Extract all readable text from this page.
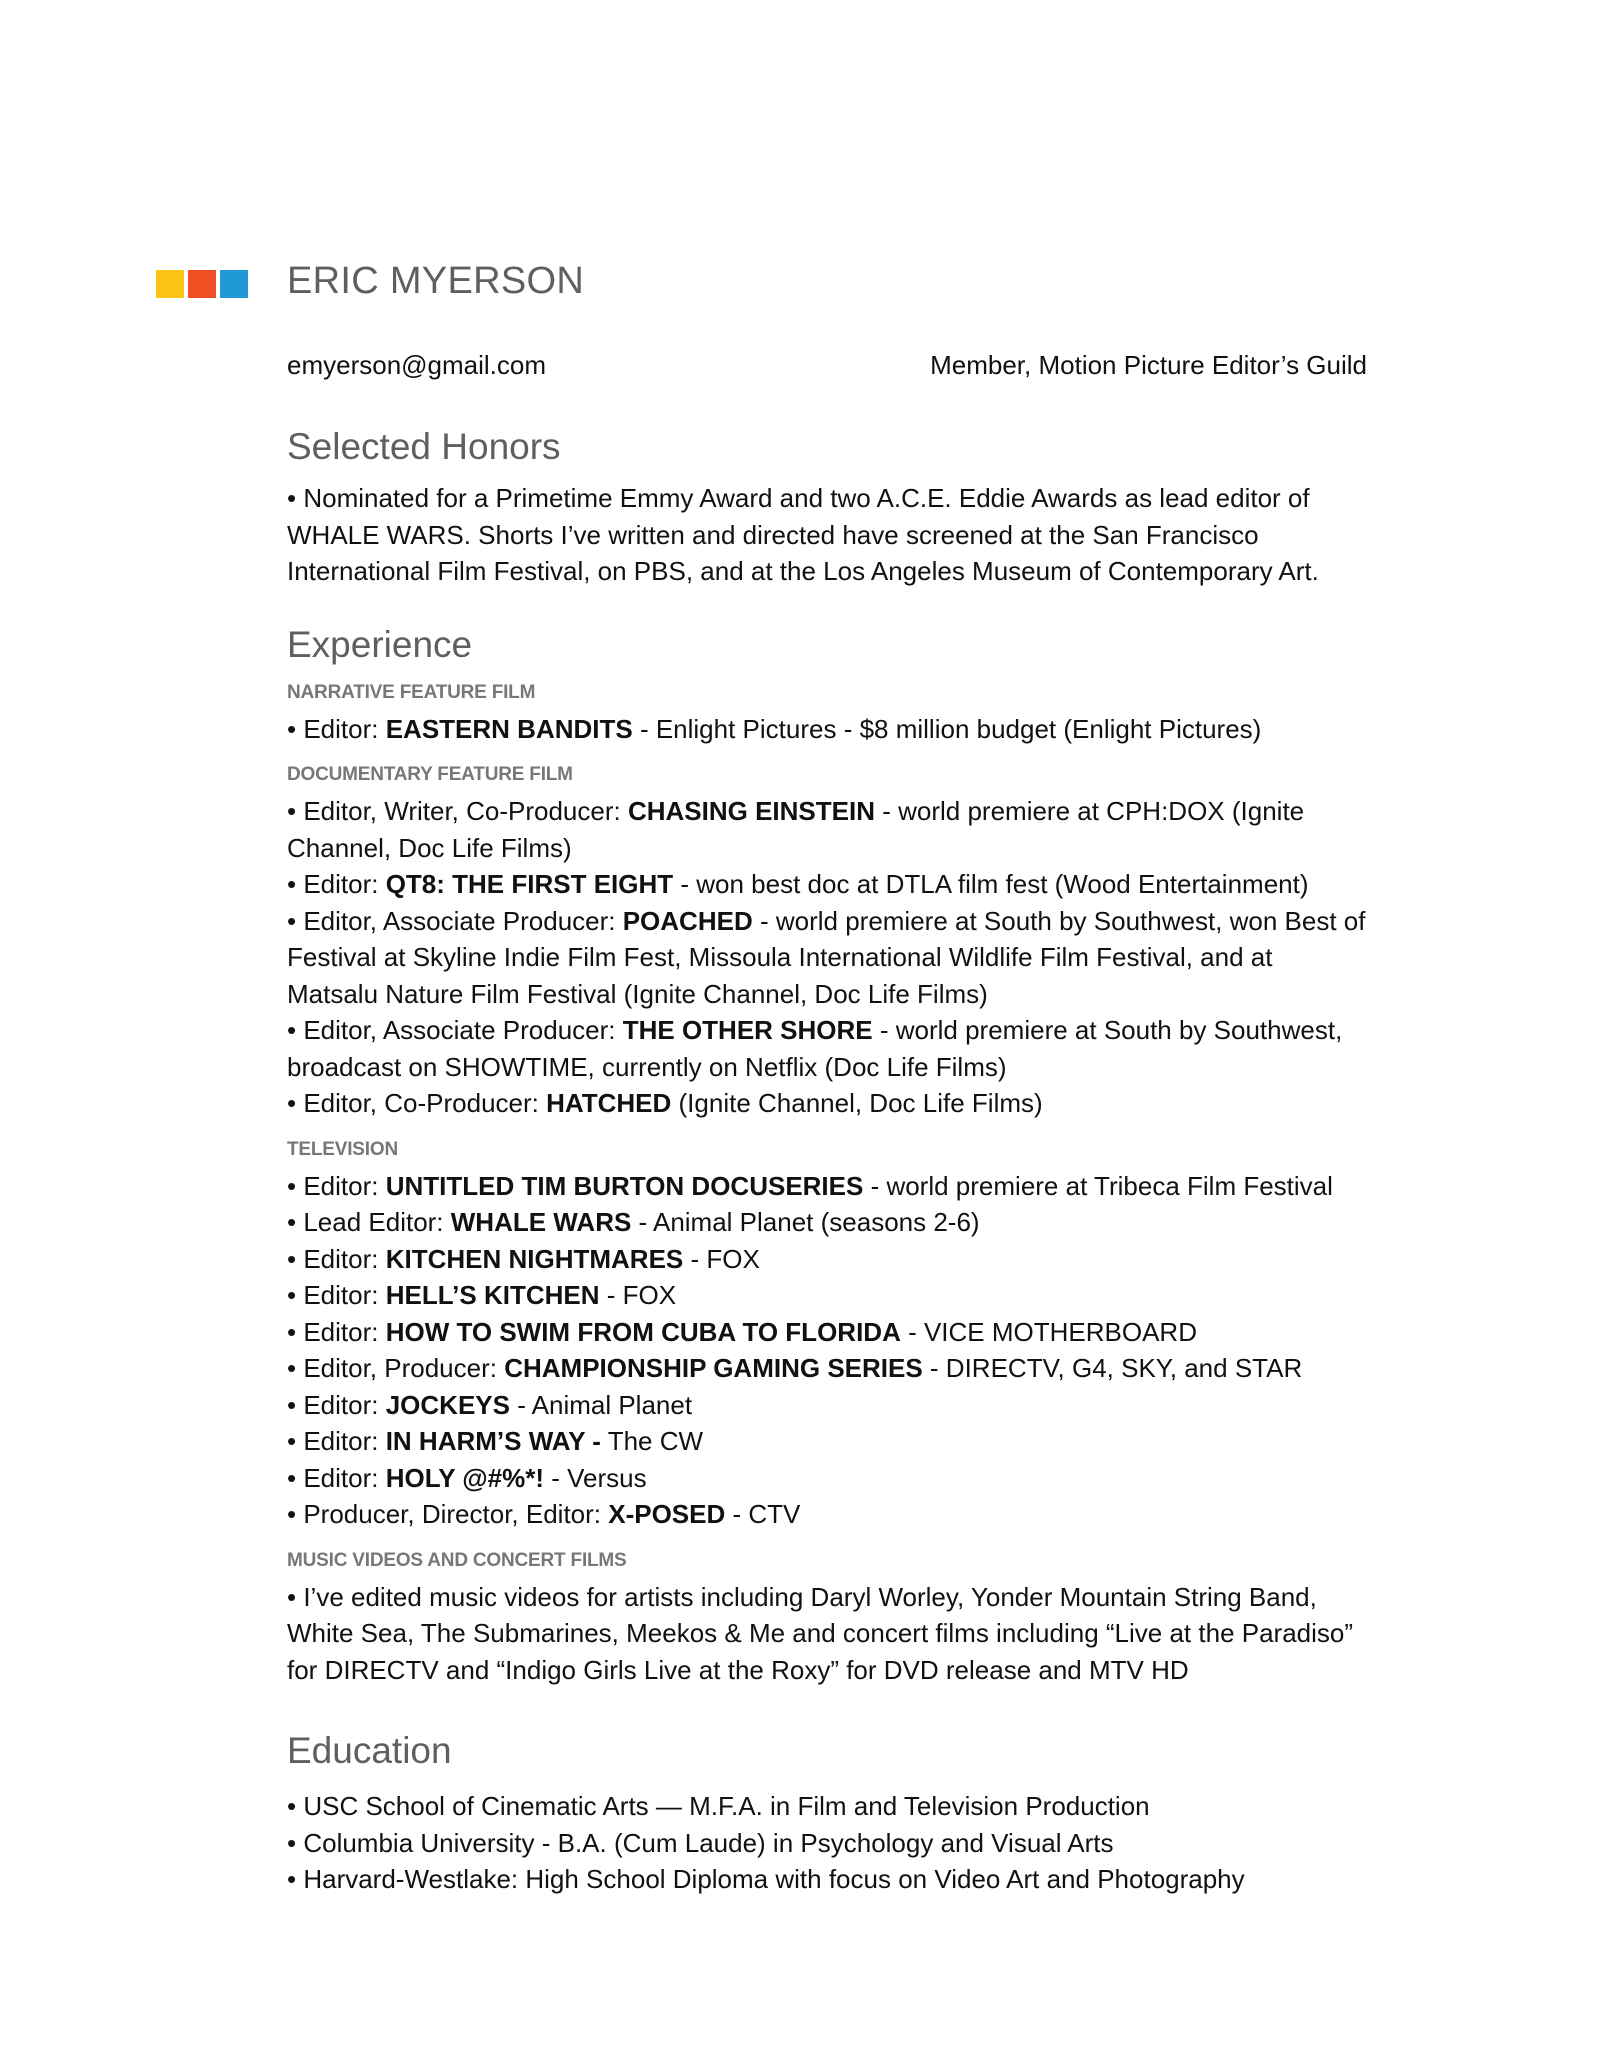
ERIC MYERSON
emyerson@gmail.com	Member, Motion Picture Editor’s Guild
Selected Honors

• Nominated for a Primetime Emmy Award and two A.C.E. Eddie Awards as lead editor of WHALE WARS. Shorts I’ve written and directed have screened at the San Francisco International Film Festival, on PBS, and at the Los Angeles Museum of Contemporary Art.

Experience

NARRATIVE FEATURE FILM

• Editor: EASTERN BANDITS - Enlight Pictures - $8 million budget (Enlight Pictures)

DOCUMENTARY FEATURE FILM

• Editor, Writer, Co-Producer: CHASING EINSTEIN - world premiere at CPH:DOX (Ignite Channel, Doc Life Films)

• Editor: QT8: THE FIRST EIGHT - won best doc at DTLA film fest (Wood Entertainment)

• Editor, Associate Producer: POACHED - world premiere at South by Southwest, won Best of Festival at Skyline Indie Film Fest, Missoula International Wildlife Film Festival, and at Matsalu Nature Film Festival (Ignite Channel, Doc Life Films)

• Editor, Associate Producer: THE OTHER SHORE - world premiere at South by Southwest, broadcast on SHOWTIME, currently on Netflix (Doc Life Films)

• Editor, Co-Producer: HATCHED (Ignite Channel, Doc Life Films)

TELEVISION

• Editor: UNTITLED TIM BURTON DOCUSERIES - world premiere at Tribeca Film Festival

• Lead Editor: WHALE WARS - Animal Planet (seasons 2-6)

• Editor: KITCHEN NIGHTMARES - FOX

• Editor: HELL’S KITCHEN - FOX

• Editor: HOW TO SWIM FROM CUBA TO FLORIDA - VICE MOTHERBOARD

• Editor, Producer: CHAMPIONSHIP GAMING SERIES - DIRECTV, G4, SKY, and STAR

• Editor: JOCKEYS - Animal Planet

• Editor: IN HARM’S WAY - The CW

• Editor: HOLY @#%*! - Versus

• Producer, Director, Editor: X-POSED - CTV

MUSIC VIDEOS AND CONCERT FILMS

• I’ve edited music videos for artists including Daryl Worley, Yonder Mountain String Band, White Sea, The Submarines, Meekos & Me and concert films including “Live at the Paradiso” for DIRECTV and “Indigo Girls Live at the Roxy” for DVD release and MTV HD

Education

• USC School of Cinematic Arts — M.F.A. in Film and Television Production

• Columbia University - B.A. (Cum Laude) in Psychology and Visual Arts

• Harvard-Westlake: High School Diploma with focus on Video Art and Photography
